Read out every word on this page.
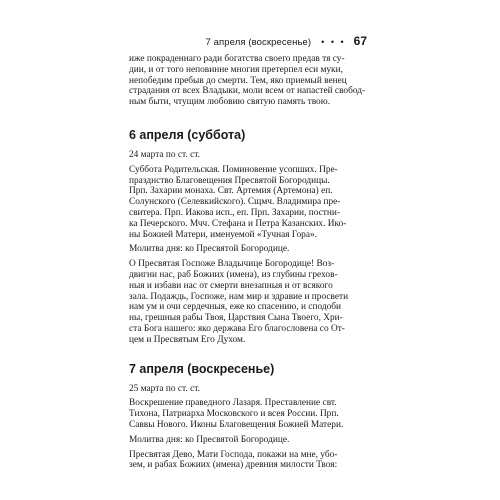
7 апреля (воскресенье) • • • 67

иже покраденнаго ради богатства своего предав тя су-
дии, и от того неповинне многия претерпел еси муки,
непобедим пребыв до смерти. Тем, яко приемый венец
страдания от всех Владыки, моли всем от напастей свобод-
ным быти, чтущим любовию святую память твою.

6 апреля (суббота)

24 марта по ст. ст.

Суббота Родительская. Поминовение усопших. Пре-
празднство Благовещения Пресвятой Богородицы.
Прп. Захарии монаха. Свт. Артемия (Артемона) еп.
Солунского (Селевкийского). Сщмч. Владимира пре-
свитера. Прп. Иакова исп., еп. Прп. Захарии, постни-
ка Печерского. Мчч. Стефана и Петра Казанских. Ико-
ны Божией Матери, именуемой «Тучная Гора».

Молитва дня: ко Пресвятой Богородице.

О Пресвятая Госпоже Владычице Богородице! Воз-
двигни нас, раб Божиих (имена), из глубины грехов-
ныя и избави нас от смерти внезапныя и от всякого
зала. Подаждь, Госпоже, нам мир и здравие и просвети
нам ум и очи сердечныя, еже ко спасению, и сподоби
ны, грешныя рабы Твоя, Царствия Сына Твоего, Хри-
ста Бога нашего: яко держава Его благословена со От-
цем и Пресвятым Его Духом.

7 апреля (воскресенье)

25 марта по ст. ст.

Воскрешение праведного Лазаря. Преставление свт.
Тихона, Патриарха Московского и всея России. Прп.
Саввы Нового. Иконы Благовещения Божией Матери.

Молитва дня: ко Пресвятой Богородице.

Пресвятая Дево, Мати Господа, покажи на мне, убо-
зем, и рабах Божиих (имена) древния милости Твоя:
